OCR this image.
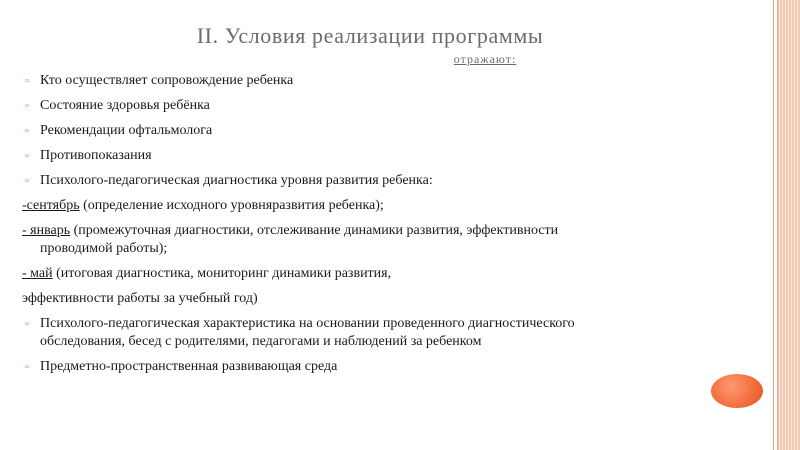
II. Условия реализации программы
отражают:
▫ Кто осуществляет сопровождение ребенка
▫ Состояние здоровья ребёнка
▫ Рекомендации офтальмолога
▫ Противопоказания
▫ Психолого-педагогическая диагностика уровня развития ребенка:
-сентябрь (определение исходного уровняразвития ребенка);
- январь (промежуточная диагностики, отслеживание динамики развития, эффективности
проводимой работы);
- май (итоговая диагностика, мониторинг динамики развития,
эффективности работы за учебный год)
▫ Психолого-педагогическая характеристика на основании проведенного диагностического
обследования, бесед с родителями, педагогами и наблюдений за ребенком
▫ Предметно-пространственная развивающая среда
